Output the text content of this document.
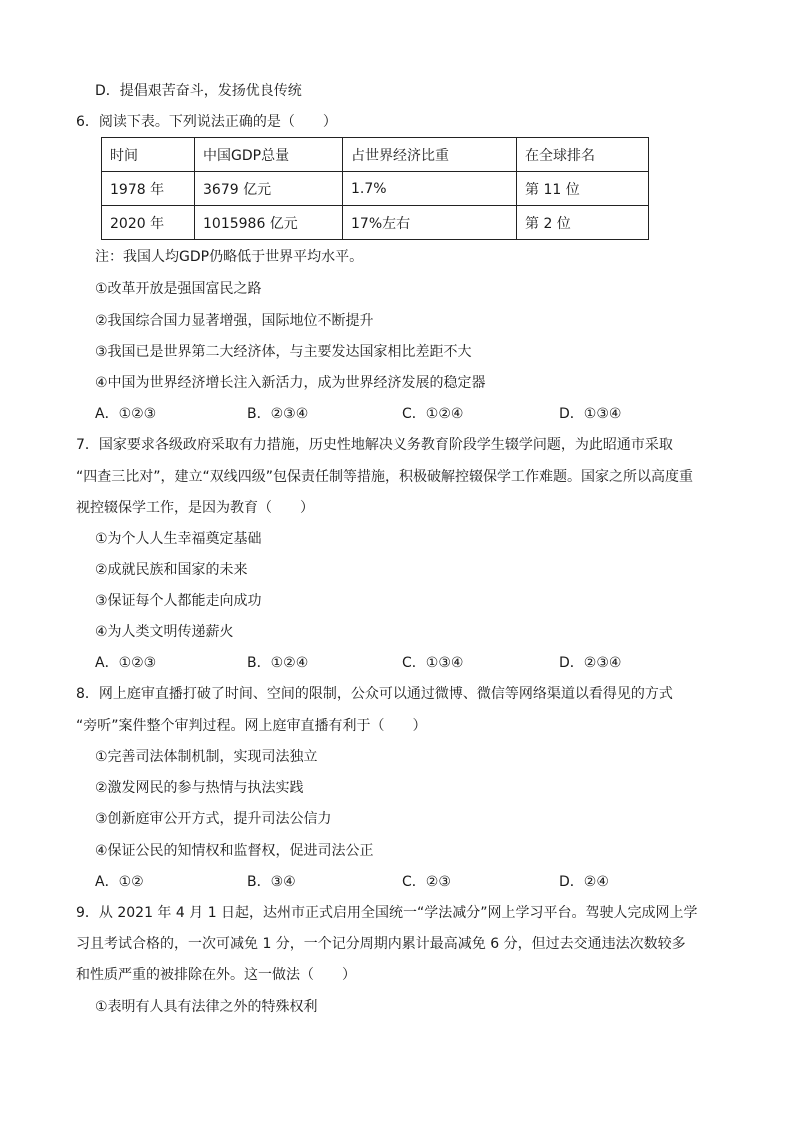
D．提倡艰苦奋斗，发扬优良传统
6．阅读下表。下列说法正确的是（　　）
时间	中国GDP总量	占世界经济比重	在全球排名
1978 年	3679 亿元	1.7%	第 11 位
2020 年	1015986 亿元	17%左右	第 2 位
注：我国人均GDP仍略低于世界平均水平。
①改革开放是强国富民之路
②我国综合国力显著增强，国际地位不断提升
③我国已是世界第二大经济体，与主要发达国家相比差距不大
④中国为世界经济增长注入新活力，成为世界经济发展的稳定器
A．①②③	B．②③④	C．①②④	D．①③④
7．国家要求各级政府采取有力措施，历史性地解决义务教育阶段学生辍学问题，为此昭通市采取
“四查三比对”，建立“双线四级”包保责任制等措施，积极破解控辍保学工作难题。国家之所以高度重
视控辍保学工作，是因为教育（　　）
①为个人人生幸福奠定基础
②成就民族和国家的未来
③保证每个人都能走向成功
④为人类文明传递薪火
A．①②③	B．①②④	C．①③④	D．②③④
8．网上庭审直播打破了时间、空间的限制，公众可以通过微博、微信等网络渠道以看得见的方式
“旁听”案件整个审判过程。网上庭审直播有利于（　　）
①完善司法体制机制，实现司法独立
②激发网民的参与热情与执法实践
③创新庭审公开方式，提升司法公信力
④保证公民的知情权和监督权，促进司法公正
A．①②	B．③④	C．②③	D．②④
9．从 2021 年 4 月 1 日起，达州市正式启用全国统一“学法减分”网上学习平台。驾驶人完成网上学
习且考试合格的，一次可减免 1 分，一个记分周期内累计最高减免 6 分，但过去交通违法次数较多
和性质严重的被排除在外。这一做法（　　）
①表明有人具有法律之外的特殊权利
